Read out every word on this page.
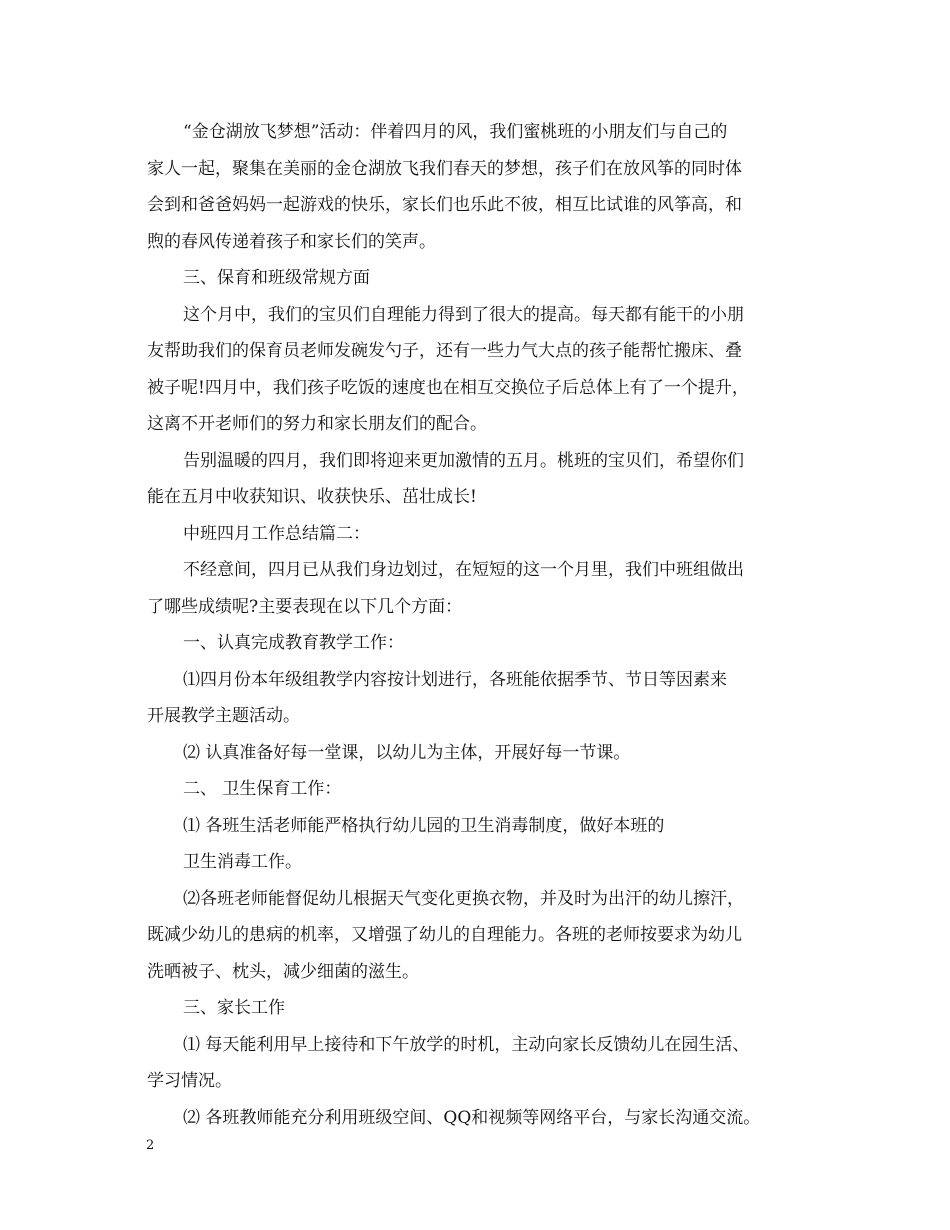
“金仓湖放飞梦想”活动：伴着四月的风，我们蜜桃班的小朋友们与自己的
家人一起，聚集在美丽的金仓湖放飞我们春天的梦想，孩子们在放风筝的同时体
会到和爸爸妈妈一起游戏的快乐，家长们也乐此不彼，相互比试谁的风筝高，和
煦的春风传递着孩子和家长们的笑声。
三、保育和班级常规方面
这个月中，我们的宝贝们自理能力得到了很大的提高。每天都有能干的小朋
友帮助我们的保育员老师发碗发勺子，还有一些力气大点的孩子能帮忙搬床、叠
被子呢!四月中，我们孩子吃饭的速度也在相互交换位子后总体上有了一个提升，
这离不开老师们的努力和家长朋友们的配合。
告别温暖的四月，我们即将迎来更加激情的五月。桃班的宝贝们，希望你们
能在五月中收获知识、收获快乐、茁壮成长!
中班四月工作总结篇二：
不经意间，四月已从我们身边划过，在短短的这一个月里，我们中班组做出
了哪些成绩呢?主要表现在以下几个方面：
一、认真完成教育教学工作：
⑴四月份本年级组教学内容按计划进行，各班能依据季节、节日等因素来
开展教学主题活动。
⑵ 认真准备好每一堂课，以幼儿为主体，开展好每一节课。
二、 卫生保育工作：
⑴ 各班生活老师能严格执行幼儿园的卫生消毒制度，做好本班的
卫生消毒工作。
⑵各班老师能督促幼儿根据天气变化更换衣物，并及时为出汗的幼儿擦汗，
既减少幼儿的患病的机率，又增强了幼儿的自理能力。各班的老师按要求为幼儿
洗晒被子、枕头，减少细菌的滋生。
三、家长工作
⑴ 每天能利用早上接待和下午放学的时机，主动向家长反馈幼儿在园生活、
学习情况。
⑵ 各班教师能充分利用班级空间、QQ和视频等网络平台，与家长沟通交流。
2
